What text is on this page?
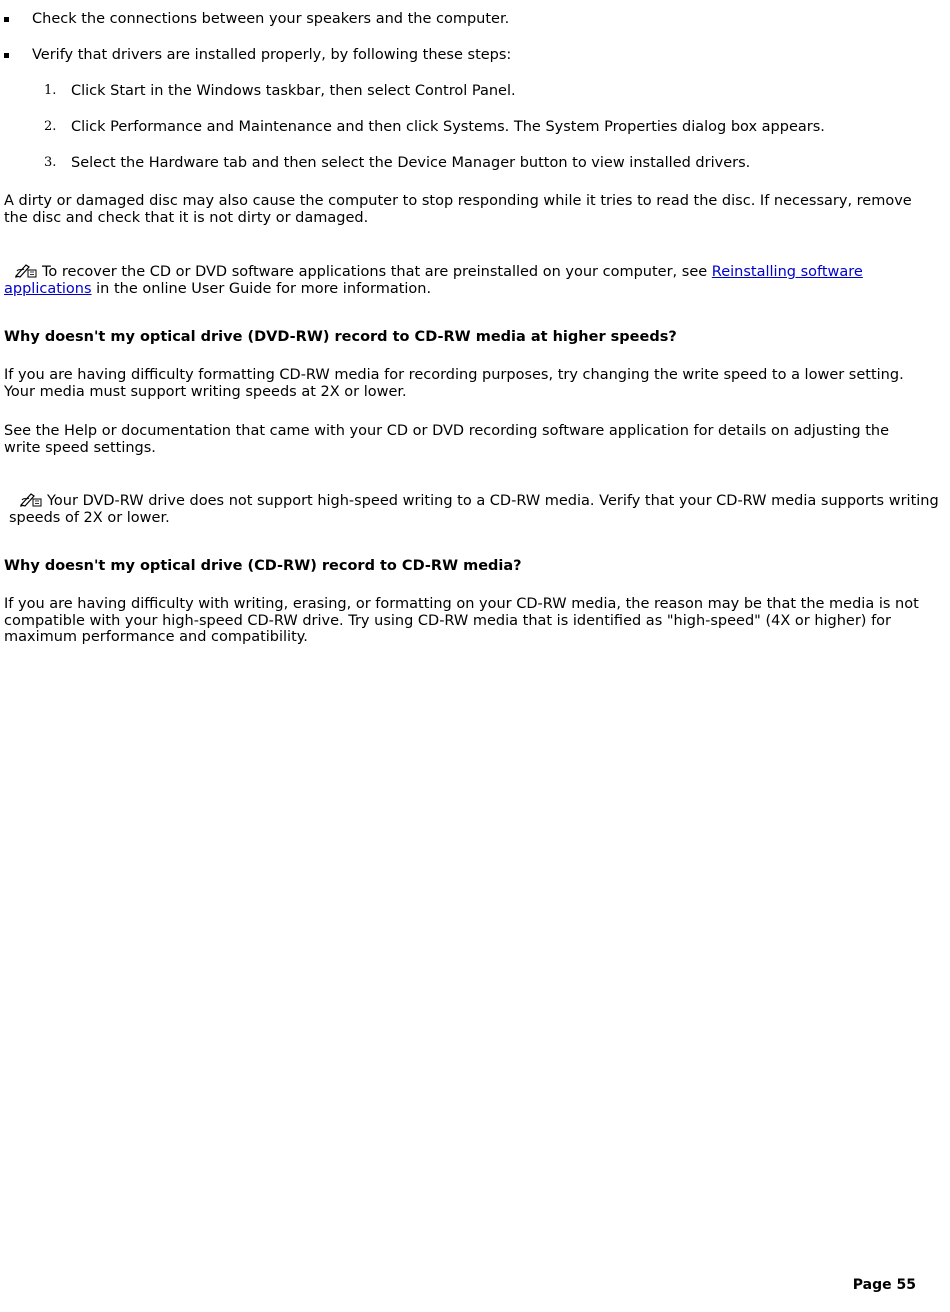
Check the connections between your speakers and the computer.
Verify that drivers are installed properly, by following these steps:
1. Click Start in the Windows taskbar, then select Control Panel.
2. Click Performance and Maintenance and then click Systems. The System Properties dialog box appears.
3. Select the Hardware tab and then select the Device Manager button to view installed drivers.
A dirty or damaged disc may also cause the computer to stop responding while it tries to read the disc. If necessary, remove the disc and check that it is not dirty or damaged.
To recover the CD or DVD software applications that are preinstalled on your computer, see Reinstalling software applications in the online User Guide for more information.
Why doesn't my optical drive (DVD-RW) record to CD-RW media at higher speeds?
If you are having difficulty formatting CD-RW media for recording purposes, try changing the write speed to a lower setting. Your media must support writing speeds at 2X or lower.
See the Help or documentation that came with your CD or DVD recording software application for details on adjusting the write speed settings.
Your DVD-RW drive does not support high-speed writing to a CD-RW media. Verify that your CD-RW media supports writing speeds of 2X or lower.
Why doesn't my optical drive (CD-RW) record to CD-RW media?
If you are having difficulty with writing, erasing, or formatting on your CD-RW media, the reason may be that the media is not compatible with your high-speed CD-RW drive. Try using CD-RW media that is identified as "high-speed" (4X or higher) for maximum performance and compatibility.
Page 55
